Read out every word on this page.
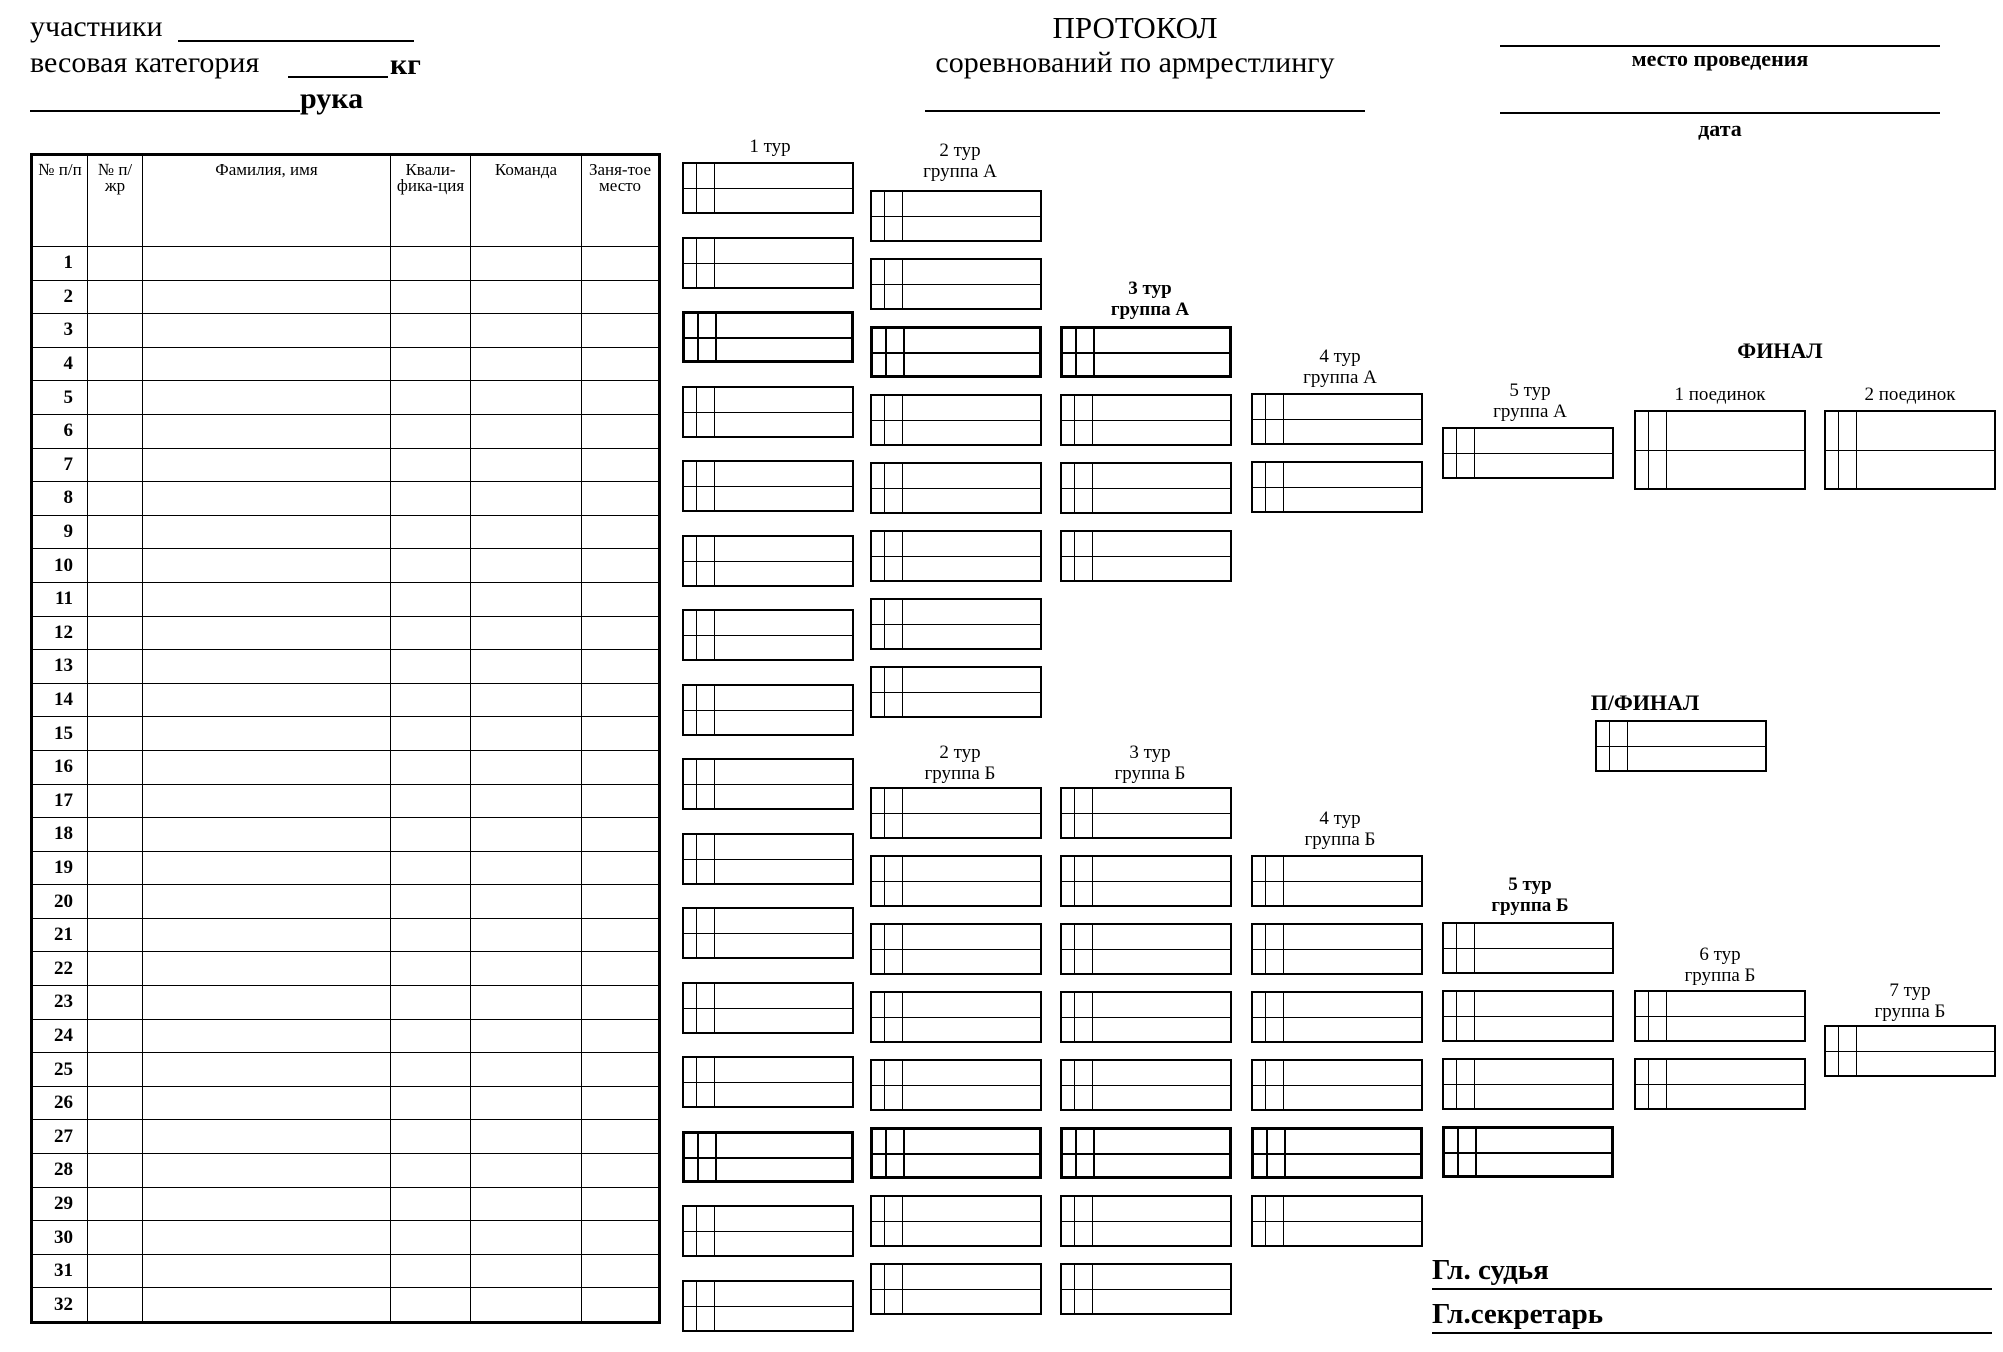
участники
весовая категория	кг
рука
ПРОТОКОЛ
соревнований по армрестлингу	место проведения
дата
№ п/п	№ п/жр	Фамилия, имя	Квали-фика-ция	Команда	Заня-тое место
1					
2					
3					
4					
5					
6					
7					
8					
9					
10					
11					
12					
13					
14					
15					
16					
17					
18					
19					
20					
21					
22					
23					
24					
25					
26					
27					
28					
29					
30					
31					
32					
1 тур	2 тур
группа А
3 тур
группа А
4 тур
группа А
5 тур
группа А
ФИНАЛ
1 поединок	2 поединок
П/ФИНАЛ
2 тур
группа Б
3 тур
группа Б
4 тур
группа Б
5 тур
группа Б
6 тур
группа Б
7 тур
группа Б
Гл. судья
Гл.секретарь
